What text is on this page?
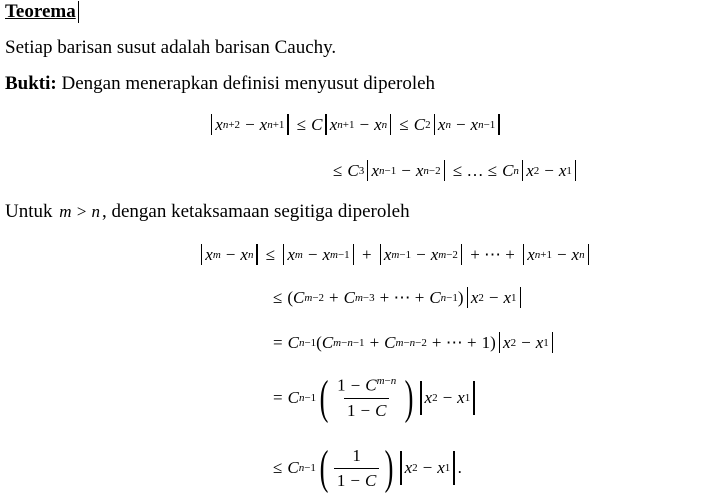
Teorema
Setiap barisan susut adalah barisan Cauchy.
Bukti: Dengan menerapkan definisi menyusut diperoleh
x n+2 − x n+1 ≤ C x n+1 − x n ≤ C 2 x n − x n−1
≤ C 3 x n−1 − x n−2 ≤ … ≤ C n x 2 − x 1
Untuk m > n , dengan ketaksamaan segitiga diperoleh
x m − x n ≤ x m − x m−1 + x m−1 − x m−2 + ⋯ + x n+1 − x n
≤ ( C m−2 + C m−3 + ⋯ + C n−1 ) x 2 − x 1
= C n−1 ( C m−n−1 + C m−n−2 + ⋯ + 1) x 2 − x 1
= C n−1 ( $\frac{1 - C^{m-n}}{1 - C}$ ) x 2 − x 1
≤ C n−1 ( $\frac{1}{1 - C}$ ) x 2 − x 1 .
